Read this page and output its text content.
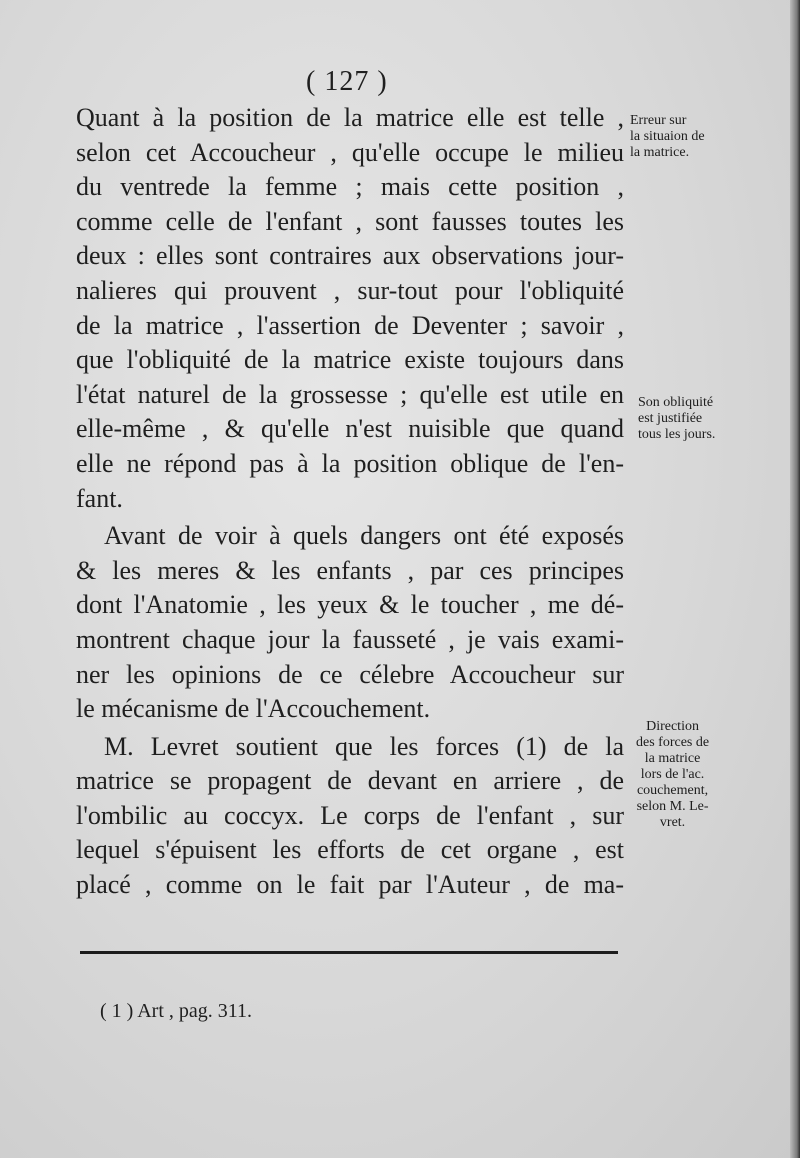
( 127 )
Quant à la position de la matrice elle est telle ,
selon cet Accoucheur , qu'elle occupe le milieu
du ventrede la femme ; mais cette position ,
comme celle de l'enfant , sont fausses toutes les
deux : elles sont contraires aux observations jour-
nalieres qui prouvent , sur-tout pour l'obliquité
de la matrice , l'assertion de Deventer ; savoir ,
que l'obliquité de la matrice existe toujours dans
l'état naturel de la grossesse ; qu'elle est utile en
elle-même , & qu'elle n'est nuisible que quand
elle ne répond pas à la position oblique de l'en-
fant.
Avant de voir à quels dangers ont été exposés
& les meres & les enfants , par ces principes
dont l'Anatomie , les yeux & le toucher , me dé-
montrent chaque jour la fausseté , je vais exami-
ner les opinions de ce célebre Accoucheur sur
le mécanisme de l'Accouchement.
M. Levret soutient que les forces (1) de la
matrice se propagent de devant en arriere , de
l'ombilic au coccyx. Le corps de l'enfant , sur
lequel s'épuisent les efforts de cet organe , est
placé , comme on le fait par l'Auteur , de ma-
Erreur sur
la situaion de
la matrice.
Son obliquité
est justifiée
tous les jours.
Direction
des forces de
la matrice
lors de l'ac.
couchement,
selon M. Le-
vret.
( 1 ) Art , pag. 311.
